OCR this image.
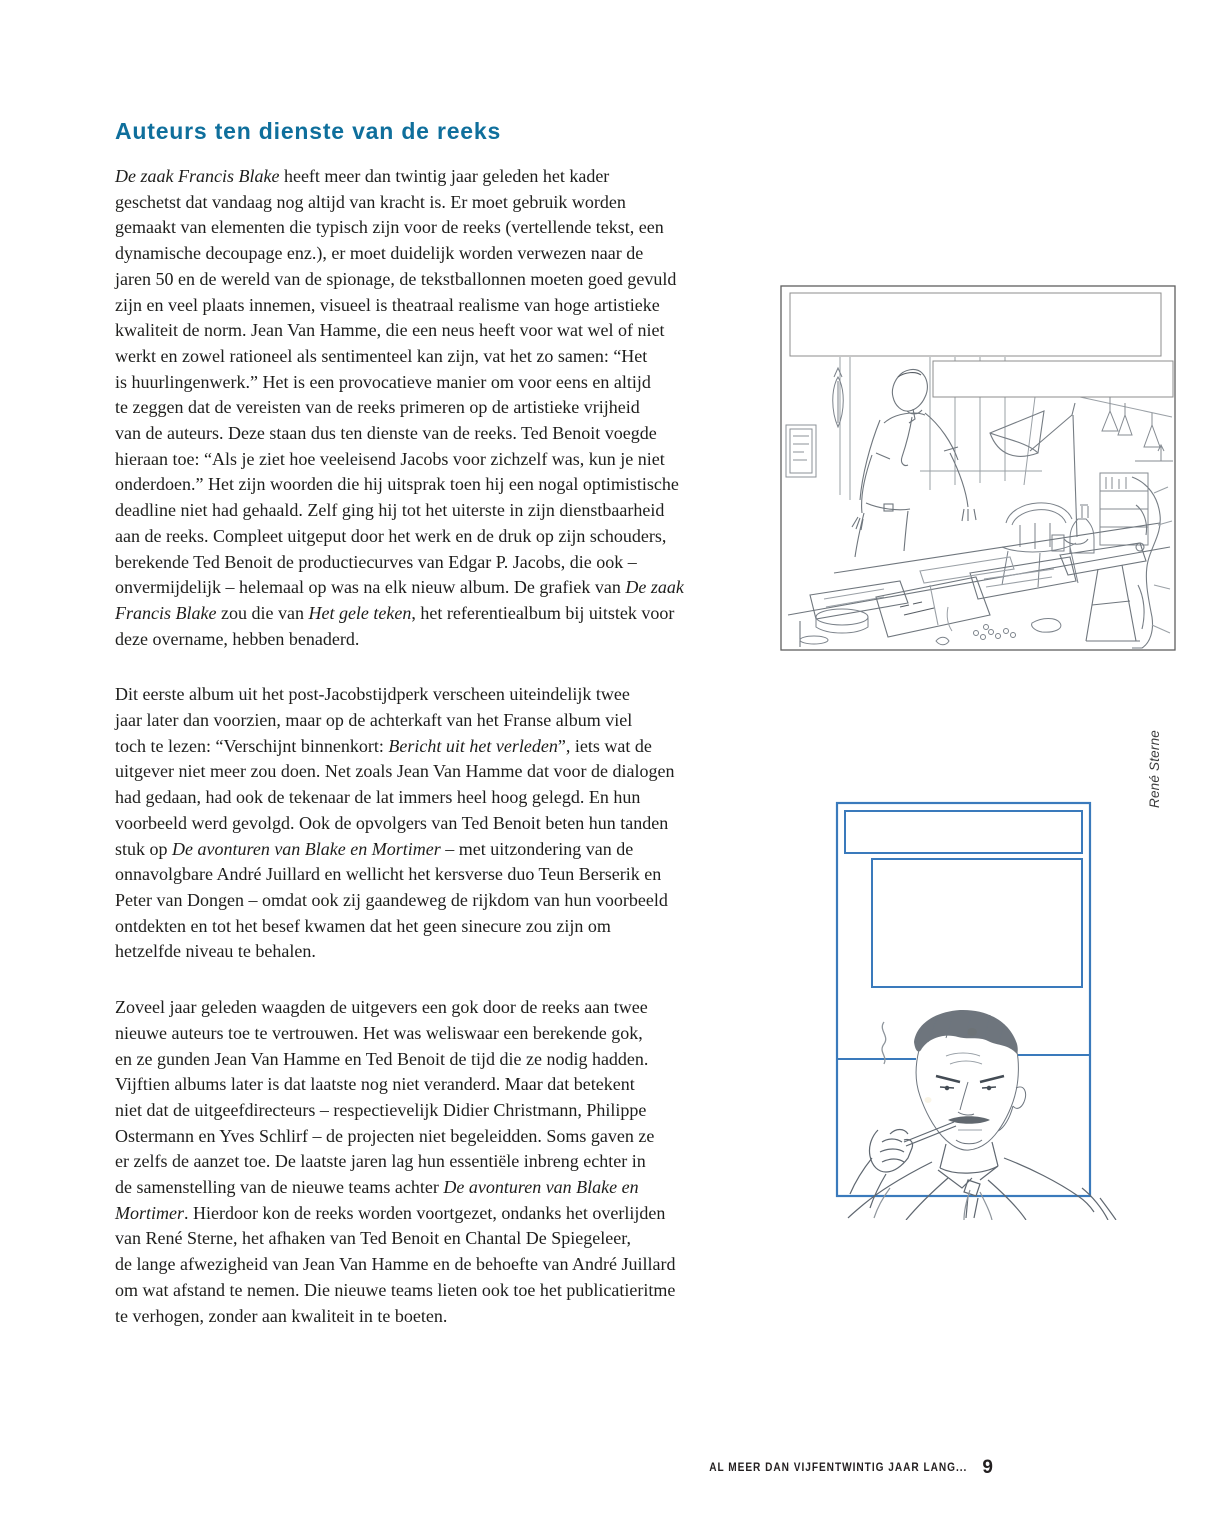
Auteurs ten dienste van de reeks
De zaak Francis Blake heeft meer dan twintig jaar geleden het kader
geschetst dat vandaag nog altijd van kracht is. Er moet gebruik worden
gemaakt van elementen die typisch zijn voor de reeks (vertellende tekst, een
dynamische decoupage enz.), er moet duidelijk worden verwezen naar de
jaren 50 en de wereld van de spionage, de tekstballonnen moeten goed gevuld
zijn en veel plaats innemen, visueel is theatraal realisme van hoge artistieke
kwaliteit de norm. Jean Van Hamme, die een neus heeft voor wat wel of niet
werkt en zowel rationeel als sentimenteel kan zijn, vat het zo samen: “Het
is huurlingenwerk.” Het is een provocatieve manier om voor eens en altijd
te zeggen dat de vereisten van de reeks primeren op de artistieke vrijheid
van de auteurs. Deze staan dus ten dienste van de reeks. Ted Benoit voegde
hieraan toe: “Als je ziet hoe veeleisend Jacobs voor zichzelf was, kun je niet
onderdoen.” Het zijn woorden die hij uitsprak toen hij een nogal optimistische
deadline niet had gehaald. Zelf ging hij tot het uiterste in zijn dienstbaarheid
aan de reeks. Compleet uitgeput door het werk en de druk op zijn schouders,
berekende Ted Benoit de productiecurves van Edgar P. Jacobs, die ook –
onvermijdelijk – helemaal op was na elk nieuw album. De grafiek van De zaak
Francis Blake zou die van Het gele teken, het referentiealbum bij uitstek voor
deze overname, hebben benaderd.
Dit eerste album uit het post-Jacobstijdperk verscheen uiteindelijk twee
jaar later dan voorzien, maar op de achterkaft van het Franse album viel
toch te lezen: “Verschijnt binnenkort: Bericht uit het verleden”, iets wat de
uitgever niet meer zou doen. Net zoals Jean Van Hamme dat voor de dialogen
had gedaan, had ook de tekenaar de lat immers heel hoog gelegd. En hun
voorbeeld werd gevolgd. Ook de opvolgers van Ted Benoit beten hun tanden
stuk op De avonturen van Blake en Mortimer – met uitzondering van de
onnavolgbare André Juillard en wellicht het kersverse duo Teun Berserik en
Peter van Dongen – omdat ook zij gaandeweg de rijkdom van hun voorbeeld
ontdekten en tot het besef kwamen dat het geen sinecure zou zijn om
hetzelfde niveau te behalen.
Zoveel jaar geleden waagden de uitgevers een gok door de reeks aan twee
nieuwe auteurs toe te vertrouwen. Het was weliswaar een berekende gok,
en ze gunden Jean Van Hamme en Ted Benoit de tijd die ze nodig hadden.
Vijftien albums later is dat laatste nog niet veranderd. Maar dat betekent
niet dat de uitgeefdirecteurs – respectievelijk Didier Christmann, Philippe
Ostermann en Yves Schlirf – de projecten niet begeleidden. Soms gaven ze
er zelfs de aanzet toe. De laatste jaren lag hun essentiële inbreng echter in
de samenstelling van de nieuwe teams achter De avonturen van Blake en
Mortimer. Hierdoor kon de reeks worden voortgezet, ondanks het overlijden
van René Sterne, het afhaken van Ted Benoit en Chantal De Spiegeleer,
de lange afwezigheid van Jean Van Hamme en de behoefte van André Juillard
om wat afstand te nemen. Die nieuwe teams lieten ook toe het publicatieritme
te verhogen, zonder aan kwaliteit in te boeten.
René Sterne
AL MEER DAN VIJFENTWINTIG JAAR LANG... 9
